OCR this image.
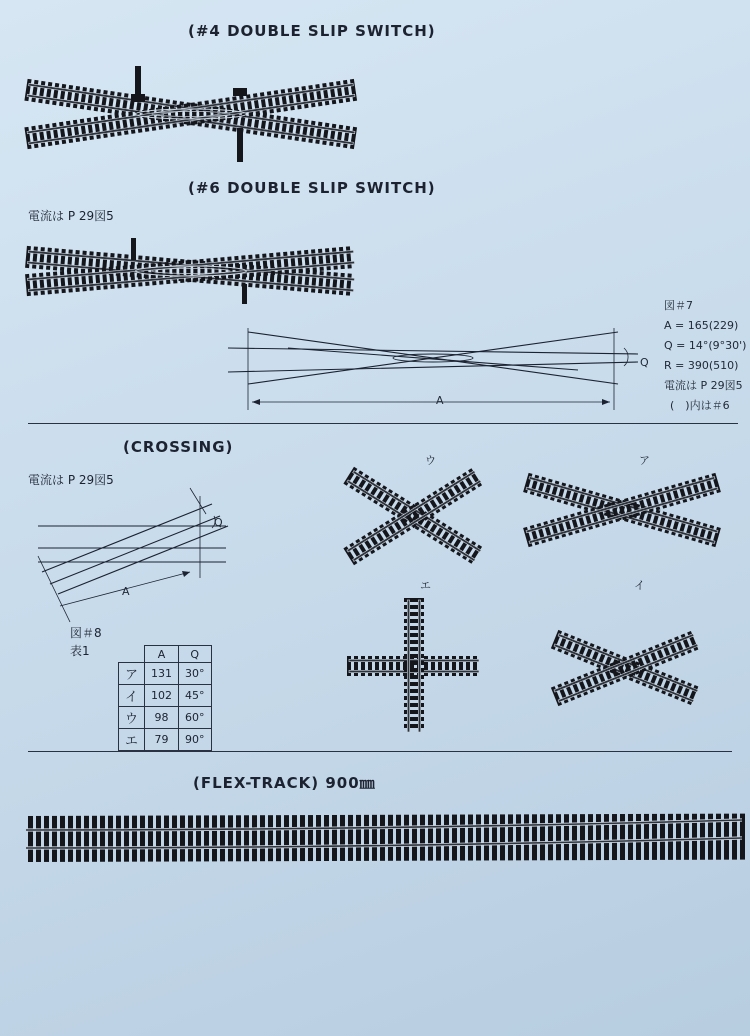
(#4 DOUBLE SLIP SWITCH)
(#6 DOUBLE SLIP SWITCH)
電流は P 29図5
A
Q
図＃7
A = 165(229)
Q = 14°(9°30')
R = 390(510)
電流は P 29図5
(　)内は＃6
(CROSSING)
電流は P 29図5
A
Q
図＃8
表1
		A	Q
ア	131	30°
イ	102	45°
ウ	98	60°
エ	79	90°
ウ	ア
エ	イ
(FLEX-TRACK) 900㎜
